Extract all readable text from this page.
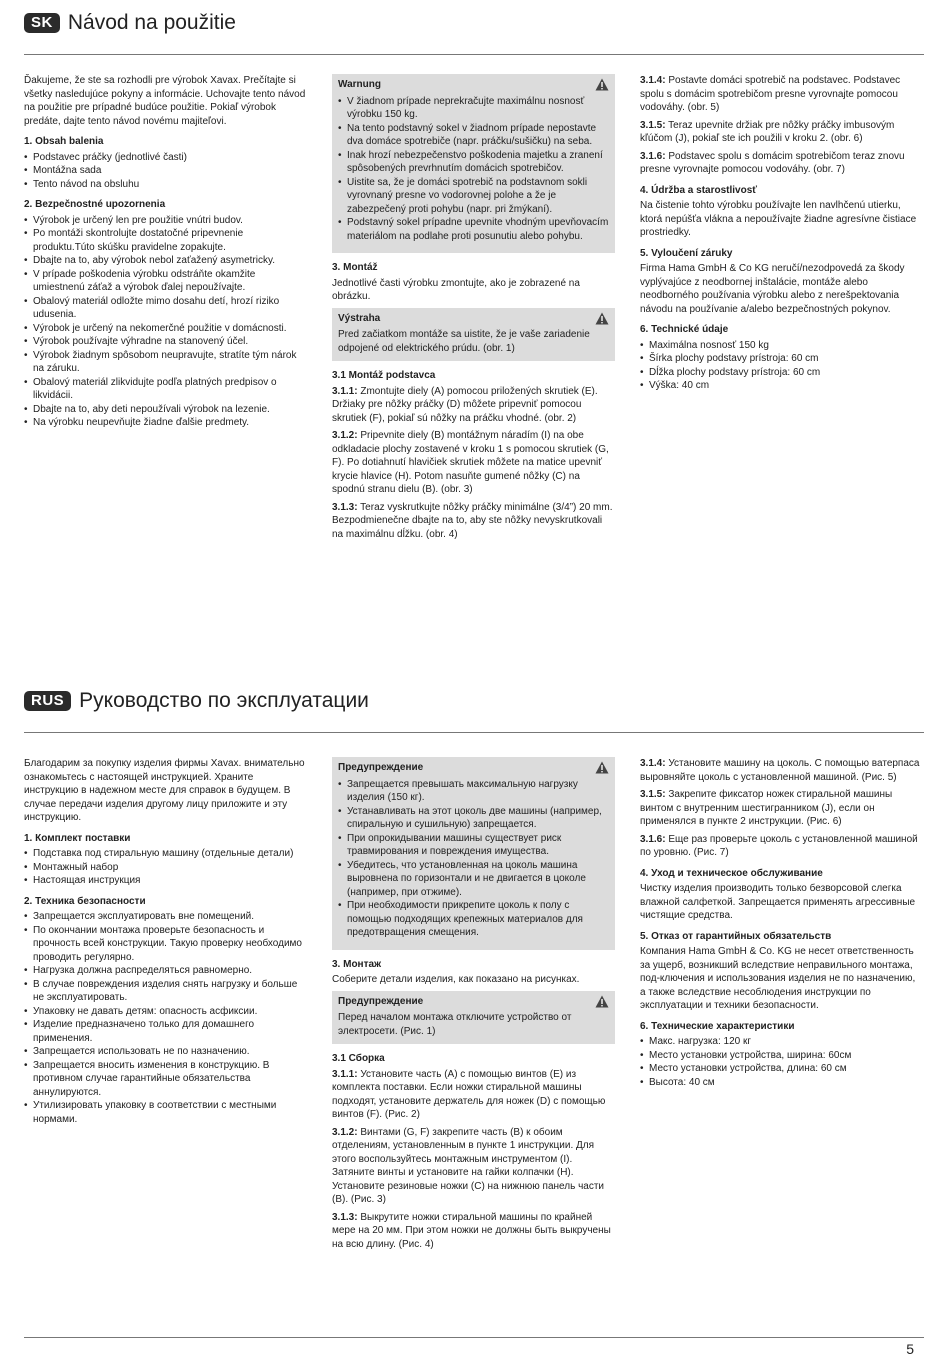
SK Návod na použitie

Ďakujeme, že ste sa rozhodli pre výrobok Xavax. Prečítajte si všetky nasledujúce pokyny a informácie. Uchovajte tento návod na použitie pre prípadné budúce použitie. Pokiaľ výrobok predáte, dajte tento návod novému majiteľovi.

1. Obsah balenia
• Podstavec práčky (jednotlivé časti)
• Montážna sada
• Tento návod na obsluhu
2. Bezpečnostné upozornenia
• Výrobok je určený len pre použitie vnútri budov.
• Po montáži skontrolujte dostatočné pripevnenie produktu.Túto skúšku pravidelne zopakujte.
• Dbajte na to, aby výrobok nebol zaťažený asymetricky.
• V prípade poškodenia výrobku odstráňte okamžite umiestnenú záťaž a výrobok ďalej nepoužívajte.
• Obalový materiál odložte mimo dosahu detí, hrozí riziko udusenia.
• Výrobok je určený na nekomerčné použitie v domácnosti.
• Výrobok používajte výhradne na stanovený účel.
• Výrobok žiadnym spôsobom neupravujte, stratíte tým nárok na záruku.
• Obalový materiál zlikvidujte podľa platných predpisov o likvidácii.
• Dbajte na to, aby deti nepoužívali výrobok na lezenie.
• Na výrobku neupevňujte žiadne ďalšie predmety.
Warnung
• V žiadnom prípade neprekračujte maximálnu nosnosť výrobku 150 kg.
• Na tento podstavný sokel v žiadnom prípade nepostavte dva domáce spotrebiče (napr. práčku/sušičku) na seba.
• Inak hrozí nebezpečenstvo poškodenia majetku a zranení spôsobených prevrhnutím domácich spotrebičov.
• Uistite sa, že je domáci spotrebič na podstavnom sokli vyrovnaný presne vo vodorovnej polohe a že je zabezpečený proti pohybu (napr. pri žmýkaní).
• Podstavný sokel prípadne upevnite vhodným upevňovacím materiálom na podlahe proti posunutiu alebo pohybu.
3. Montáž

Jednotlivé časti výrobku zmontujte, ako je zobrazené na obrázku.

Výstraha
Pred začiatkom montáže sa uistite, že je vaše zariadenie odpojené od elektrického prúdu. (obr. 1)
3.1 Montáž podstavca

3.1.1: Zmontujte diely (A) pomocou priložených skrutiek (E). Držiaky pre nôžky práčky (D) môžete pripevniť pomocou skrutiek (F), pokiaľ sú nôžky na práčku vhodné. (obr. 2)

3.1.2: Pripevnite diely (B) montážnym náradím (I) na obe odkladacie plochy zostavené v kroku 1 s pomocou skrutiek (G, F). Po dotiahnutí hlavičiek skrutiek môžete na matice upevniť krycie hlavice (H). Potom nasuňte gumené nôžky (C) na spodnú stranu dielu (B). (obr. 3)

3.1.3: Teraz vyskrutkujte nôžky práčky minimálne (3/4”) 20 mm. Bezpodmienečne dbajte na to, aby ste nôžky nevyskrutkovali na maximálnu dĺžku. (obr. 4)

3.1.4: Postavte domáci spotrebič na podstavec. Podstavec spolu s domácim spotrebičom presne vyrovnajte pomocou vodováhy. (obr. 5)

3.1.5: Teraz upevnite držiak pre nôžky práčky imbusovým kľúčom (J), pokiaľ ste ich použili v kroku 2. (obr. 6)

3.1.6: Podstavec spolu s domácim spotrebičom teraz znovu presne vyrovnajte pomocou vodováhy. (obr. 7)

4. Údržba a starostlivosť

Na čistenie tohto výrobku používajte len navlhčenú utierku, ktorá nepúšťa vlákna a nepoužívajte žiadne agresívne čistiace prostriedky.

5. Vyloučení záruky

Firma Hama GmbH & Co KG neručí/nezodpovedá za škody vyplývajúce z neodbornej inštalácie, montáže alebo neodborného používania výrobku alebo z nerešpektovania návodu na používanie a/alebo bezpečnostných pokynov.

6. Technické údaje
• Maximálna nosnosť 150 kg
• Šírka plochy podstavy prístroja: 60 cm
• Dĺžka plochy podstavy prístroja: 60 cm
• Výška: 40 cm
RUS Руководство по эксплуатации

Благодарим за покупку изделия фирмы Xavax. внимательно ознакомьтесь с настоящей инструкцией. Храните инструкцию в надежном месте для справок в будущем. В случае передачи изделия другому лицу приложите и эту инструкцию.

1. Комплект поставки
• Подставка под стиральную машину (отдельные детали)
• Монтажный набор
• Настоящая инструкция
2. Техника безопасности
• Запрещается эксплуатировать вне помещений.
• По окончании монтажа проверьте безопасность и прочность всей конструкции. Такую проверку необходимо проводить регулярно.
• Нагрузка должна распределяться равномерно.
• В случае повреждения изделия снять нагрузку и больше не эксплуатировать.
• Упаковку не давать детям: опасность асфиксии.
• Изделие предназначено только для домашнего применения.
• Запрещается использовать не по назначению.
• Запрещается вносить изменения в конструкцию. В противном случае гарантийные обязательства аннулируются.
• Утилизировать упаковку в соответствии с местными нормами.
Предупреждение
• Запрещается превышать максимальную нагрузку изделия (150 кг).
• Устанавливать на этот цоколь две машины (например, спиральную и сушильную) запрещается.
• При опрокидывании машины существует риск травмирования и повреждения имущества.
• Убедитесь, что установленная на цоколь машина выровнена по горизонтали и не двигается в цоколе (например, при отжиме).
• При необходимости прикрепите цоколь к полу с помощью подходящих крепежных материалов для предотвращения смещения.
3. Монтаж

Соберите детали изделия, как показано на рисунках.

Предупреждение
Перед началом монтажа отключите устройство от электросети. (Рис. 1)
3.1 Сборка

3.1.1: Установите часть (А) с помощью винтов (E) из комплекта поставки. Если ножки стиральной машины подходят, установите держатель для ножек (D) с помощью винтов (F). (Рис. 2)

3.1.2: Винтами (G, F) закрепите часть (B) к обоим отделениям, установленным в пункте 1 инструкции. Для этого воспользуйтесь монтажным инструментом (I). Затяните винты и установите на гайки колпачки (H). Установите резиновые ножки (C) на нижнюю панель части (B). (Рис. 3)

3.1.3: Выкрутите ножки стиральной машины по крайней мере на 20 мм. При этом ножки не должны быть выкручены на всю длину. (Рис. 4)

3.1.4: Установите машину на цоколь. С помощью ватерпаса выровняйте цоколь с установленной машиной. (Рис. 5)

3.1.5: Закрепите фиксатор ножек стиральной машины винтом с внутренним шестигранником (J), если он применялся в пункте 2 инструкции. (Рис. 6)

3.1.6: Еще раз проверьте цоколь с установленной машиной по уровню. (Рис. 7)

4. Уход и техническое обслуживание

Чистку изделия производить только безворсовой слегка влажной салфеткой. Запрещается применять агрессивные чистящие средства.

5. Отказ от гарантийных обязательств

Компания Hama GmbH & Co. KG не несет ответственность за ущерб, возникший вследствие неправильного монтажа, под-ключения и использования изделия не по назначению, а также вследствие несоблюдения инструкции по эксплуатации и техники безопасности.

6. Технические характеристики
• Макс. нагрузка: 120 кг
• Место установки устройства, ширина: 60см
• Место установки устройства, длина: 60 см
• Высота: 40 см
5
